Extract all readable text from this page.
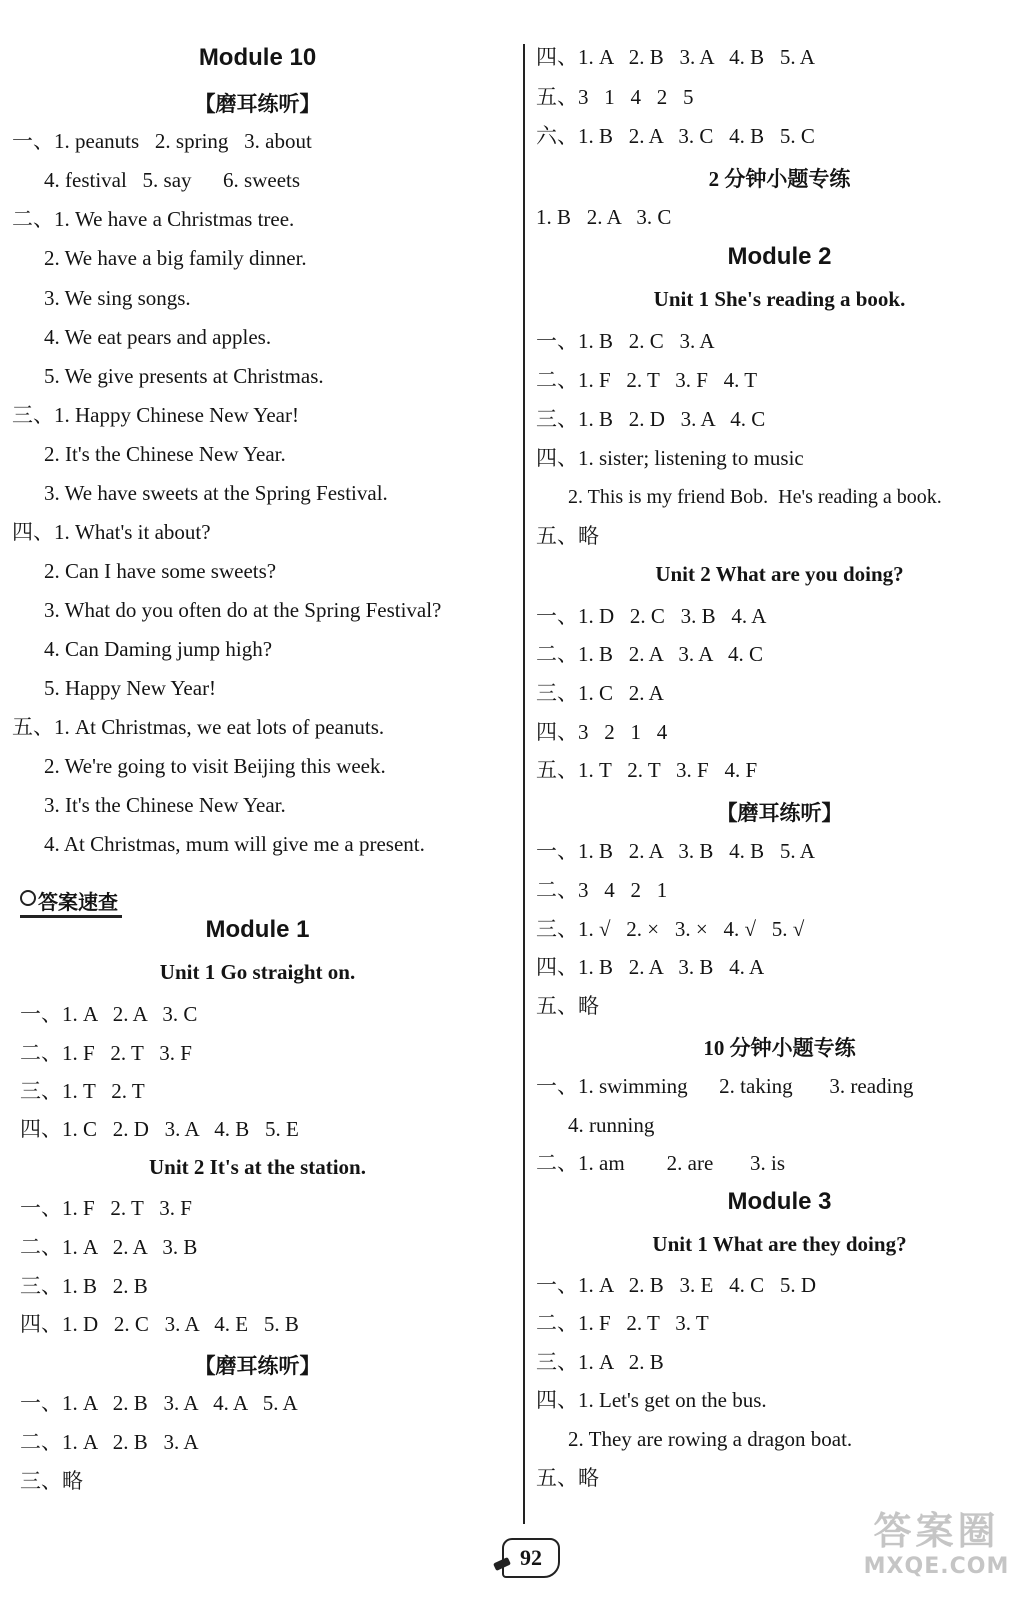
Module 10
【磨耳练听】
一、1. peanuts   2. spring   3. about
4. festival   5. say      6. sweets
二、1. We have a Christmas tree.
2. We have a big family dinner.
3. We sing songs.
4. We eat pears and apples.
5. We give presents at Christmas.
三、1. Happy Chinese New Year!
2. It's the Chinese New Year.
3. We have sweets at the Spring Festival.
四、1. What's it about?
2. Can I have some sweets?
3. What do you often do at the Spring Festival?
4. Can Daming jump high?
5. Happy New Year!
五、1. At Christmas, we eat lots of peanuts.
2. We're going to visit Beijing this week.
3. It's the Chinese New Year.
4. At Christmas, mum will give me a present.
答案速查
Module 1
Unit 1 Go straight on.
一、1. A   2. A   3. C
二、1. F   2. T   3. F
三、1. T   2. T
四、1. C   2. D   3. A   4. B   5. E
Unit 2 It's at the station.
一、1. F   2. T   3. F
二、1. A   2. A   3. B
三、1. B   2. B
四、1. D   2. C   3. A   4. E   5. B
【磨耳练听】
一、1. A   2. B   3. A   4. A   5. A
二、1. A   2. B   3. A
三、略
四、1. A   2. B   3. A   4. B   5. A
五、3   1   4   2   5
六、1. B   2. A   3. C   4. B   5. C
2 分钟小题专练
1. B   2. A   3. C
Module 2
Unit 1 She's reading a book.
一、1. B   2. C   3. A
二、1. F   2. T   3. F   4. T
三、1. B   2. D   3. A   4. C
四、1. sister; listening to music
2. This is my friend Bob.  He's reading a book.
五、略
Unit 2 What are you doing?
一、1. D   2. C   3. B   4. A
二、1. B   2. A   3. A   4. C
三、1. C   2. A
四、3   2   1   4
五、1. T   2. T   3. F   4. F
【磨耳练听】
一、1. B   2. A   3. B   4. B   5. A
二、3   4   2   1
三、1. √   2. ×   3. ×   4. √   5. √
四、1. B   2. A   3. B   4. A
五、略
10 分钟小题专练
一、1. swimming      2. taking       3. reading
4. running
二、1. am        2. are       3. is
Module 3
Unit 1 What are they doing?
一、1. A   2. B   3. E   4. C   5. D
二、1. F   2. T   3. T
三、1. A   2. B
四、1. Let's get on the bus.
2. They are rowing a dragon boat.
五、略
92
答案圈
MXQE.COM
